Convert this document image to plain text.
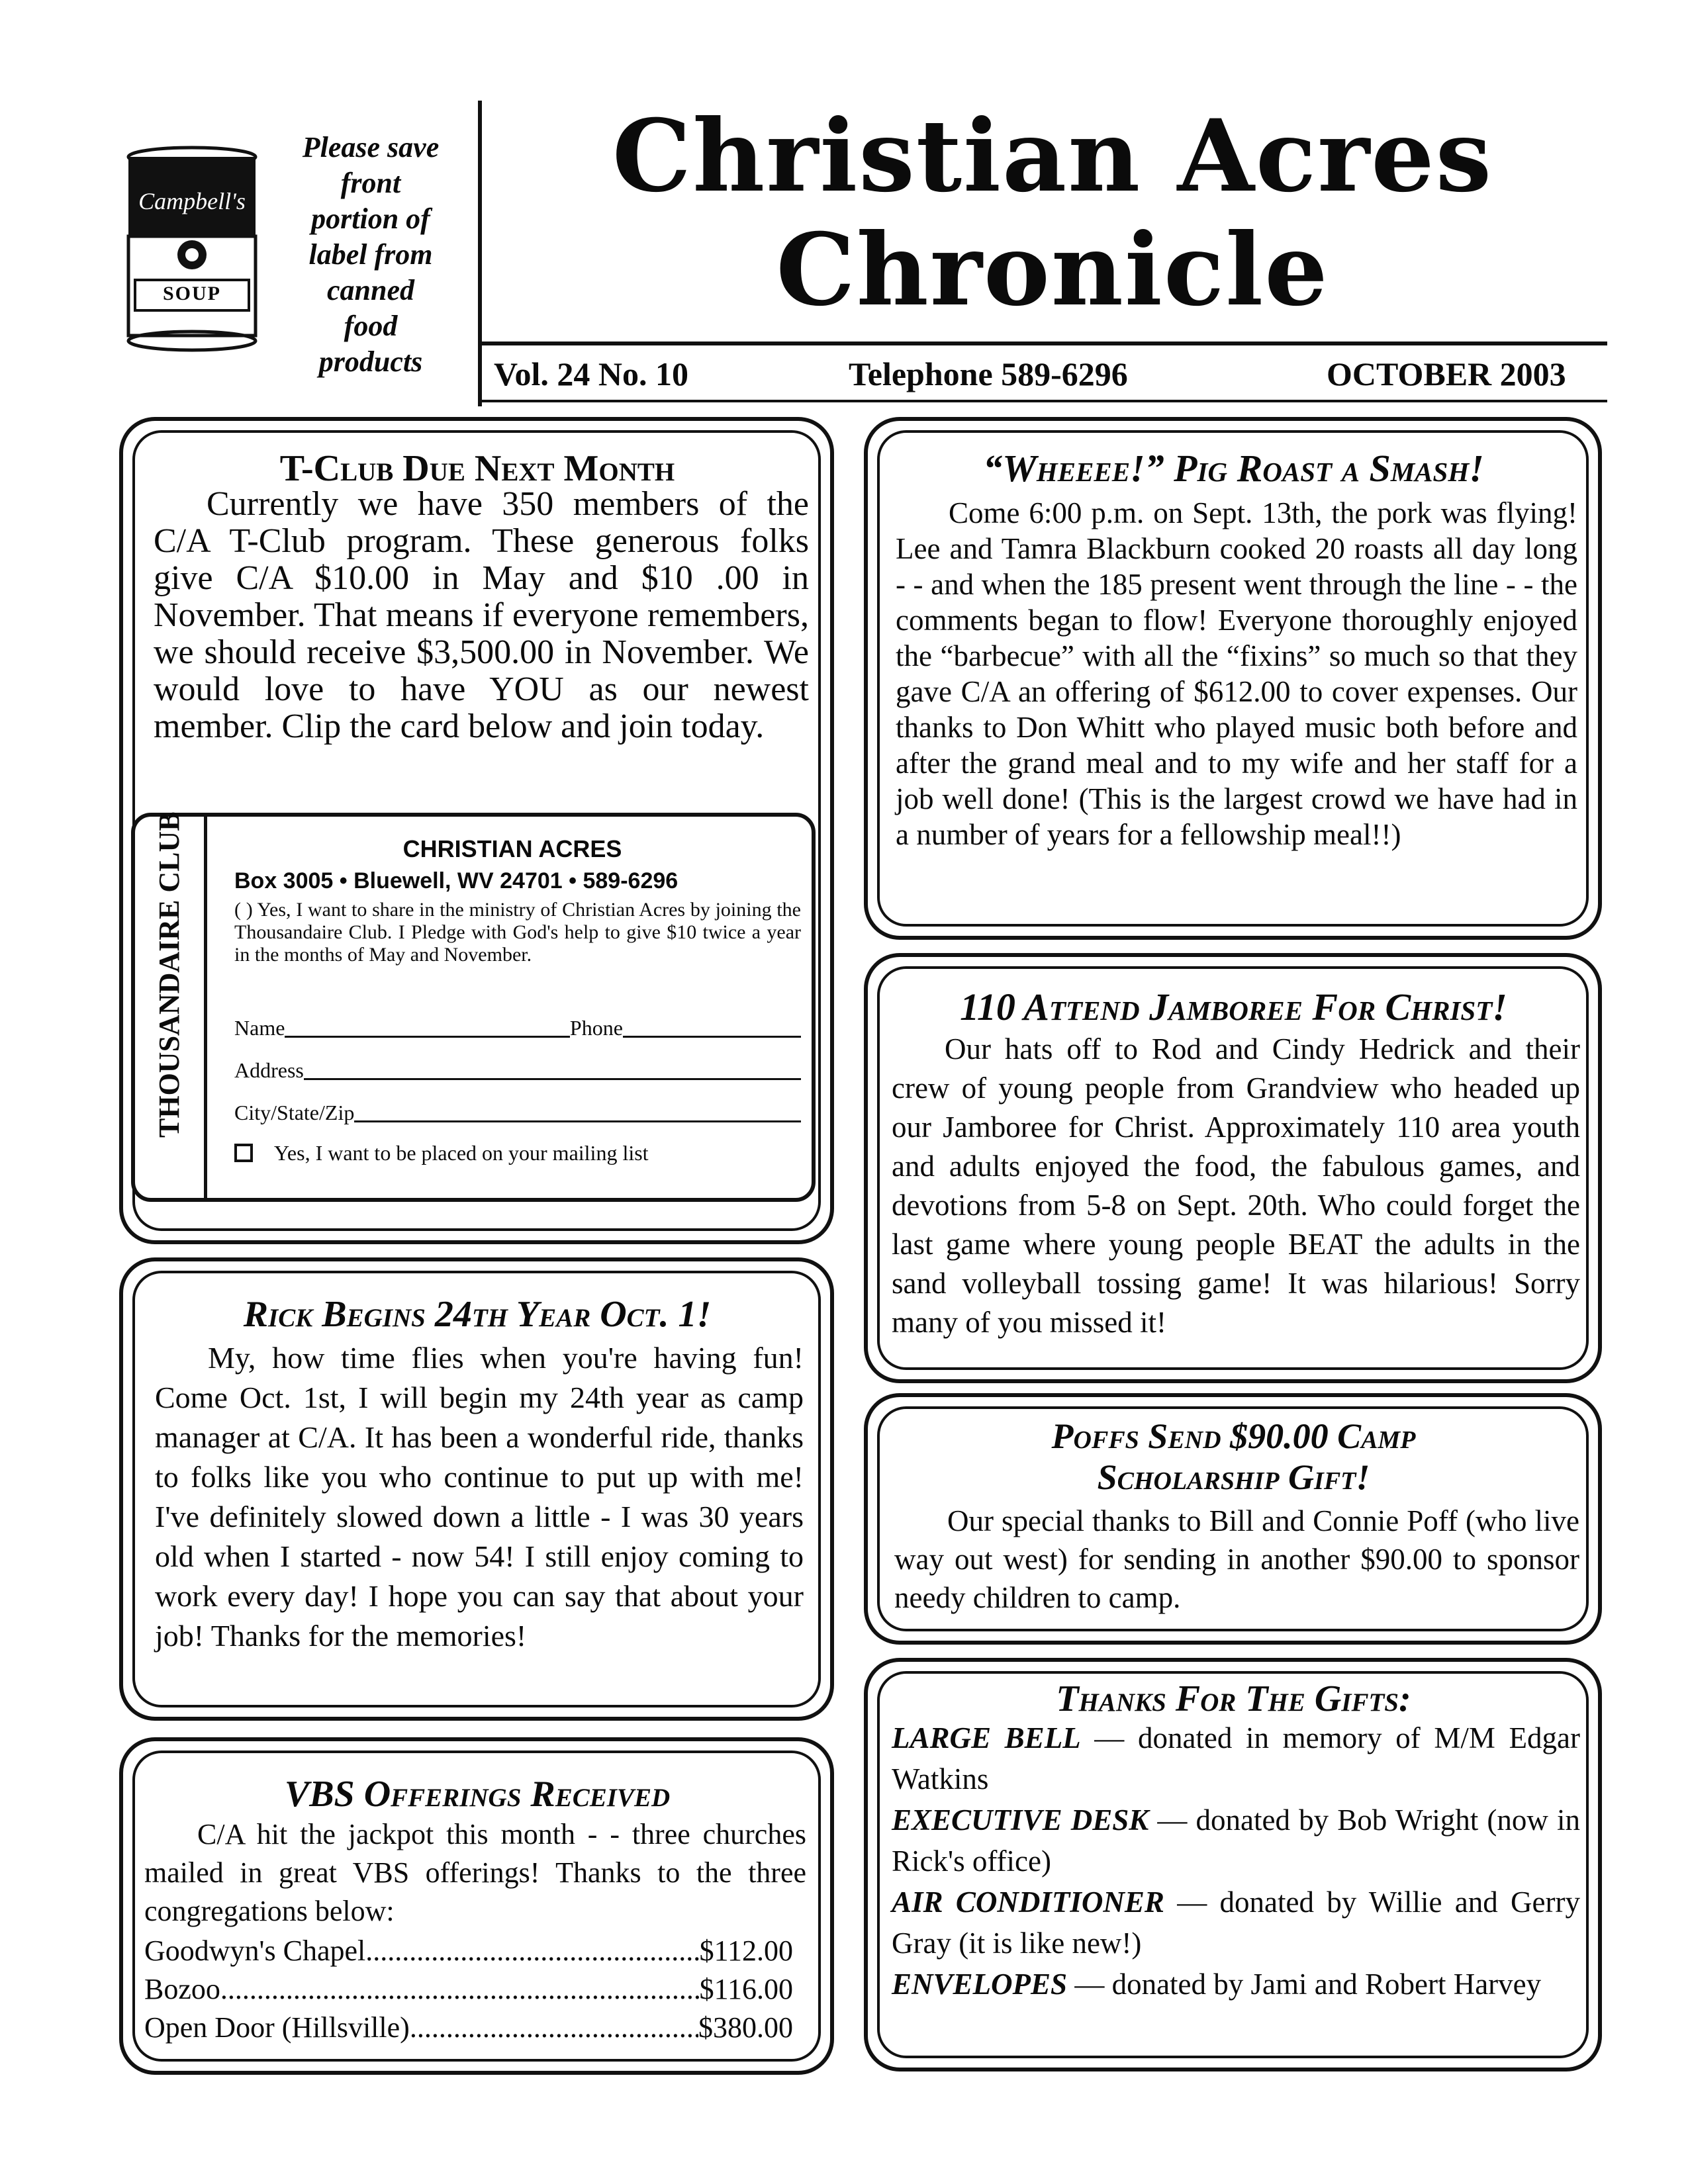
Campbell's
SOUP
Please save
front
portion of
label from
canned
food
products
Christian Acres
Chronicle
Vol. 24 No. 10	Telephone 589-6296	OCTOBER 2003
T-Club Due Next Month
Currently we have 350 members of the C/A T-Club program. These generous folks give C/A $10.00 in May and $10 .00 in November. That means if everyone remembers, we should receive $3,500.00 in November. We would love to have YOU as our newest member. Clip the card below and join today.
THOUSANDAIRE CLUB	CHRISTIAN ACRES
Box 3005 • Bluewell, WV 24701 • 589-6296
( ) Yes, I want to share in the ministry of Christian Acres by joining the Thousandaire Club. I Pledge with God's help to give $10 twice a year in the months of May and November.
Name	Phone
Address
City/State/Zip
Yes, I want to be placed on your mailing list
Rick Begins 24th Year Oct. 1!
My, how time flies when you're having fun! Come Oct. 1st, I will begin my 24th year as camp manager at C/A. It has been a wonderful ride, thanks to folks like you who continue to put up with me! I've definitely slowed down a little - I was 30 years old when I started - now 54! I still enjoy coming to work every day! I hope you can say that about your job! Thanks for the memories!
VBS Offerings Received
C/A hit the jackpot this month - - three churches mailed in great VBS offerings! Thanks to the three congregations below:
Goodwyn's Chapel .....	$112.00
Bozoo .....	$116.00
Open Door (Hillsville) .....	$380.00
“Wheeee!” Pig Roast a Smash!
Come 6:00 p.m. on Sept. 13th, the pork was flying! Lee and Tamra Blackburn cooked 20 roasts all day long - - and when the 185 present went through the line - - the comments began to flow! Everyone thoroughly enjoyed the “barbecue” with all the “fixins” so much so that they gave C/A an offering of $612.00 to cover expenses. Our thanks to Don Whitt who played music both before and after the grand meal and to my wife and her staff for a job well done! (This is the largest crowd we have had in a number of years for a fellowship meal!!)
110 Attend Jamboree For Christ!
Our hats off to Rod and Cindy Hedrick and their crew of young people from Grandview who headed up our Jamboree for Christ. Approximately 110 area youth and adults enjoyed the food, the fabulous games, and devotions from 5-8 on Sept. 20th. Who could forget the last game where young people BEAT the adults in the sand volleyball tossing game! It was hilarious! Sorry many of you missed it!
Poffs Send $90.00 Camp
Scholarship Gift!
Our special thanks to Bill and Connie Poff (who live way out west) for sending in another $90.00 to sponsor needy children to camp.
Thanks For The Gifts:
LARGE BELL — donated in memory of M/M Edgar Watkins
EXECUTIVE DESK — donated by Bob Wright (now in Rick's office)
AIR CONDITIONER — donated by Willie and Gerry Gray (it is like new!)
ENVELOPES — donated by Jami and Robert Harvey
